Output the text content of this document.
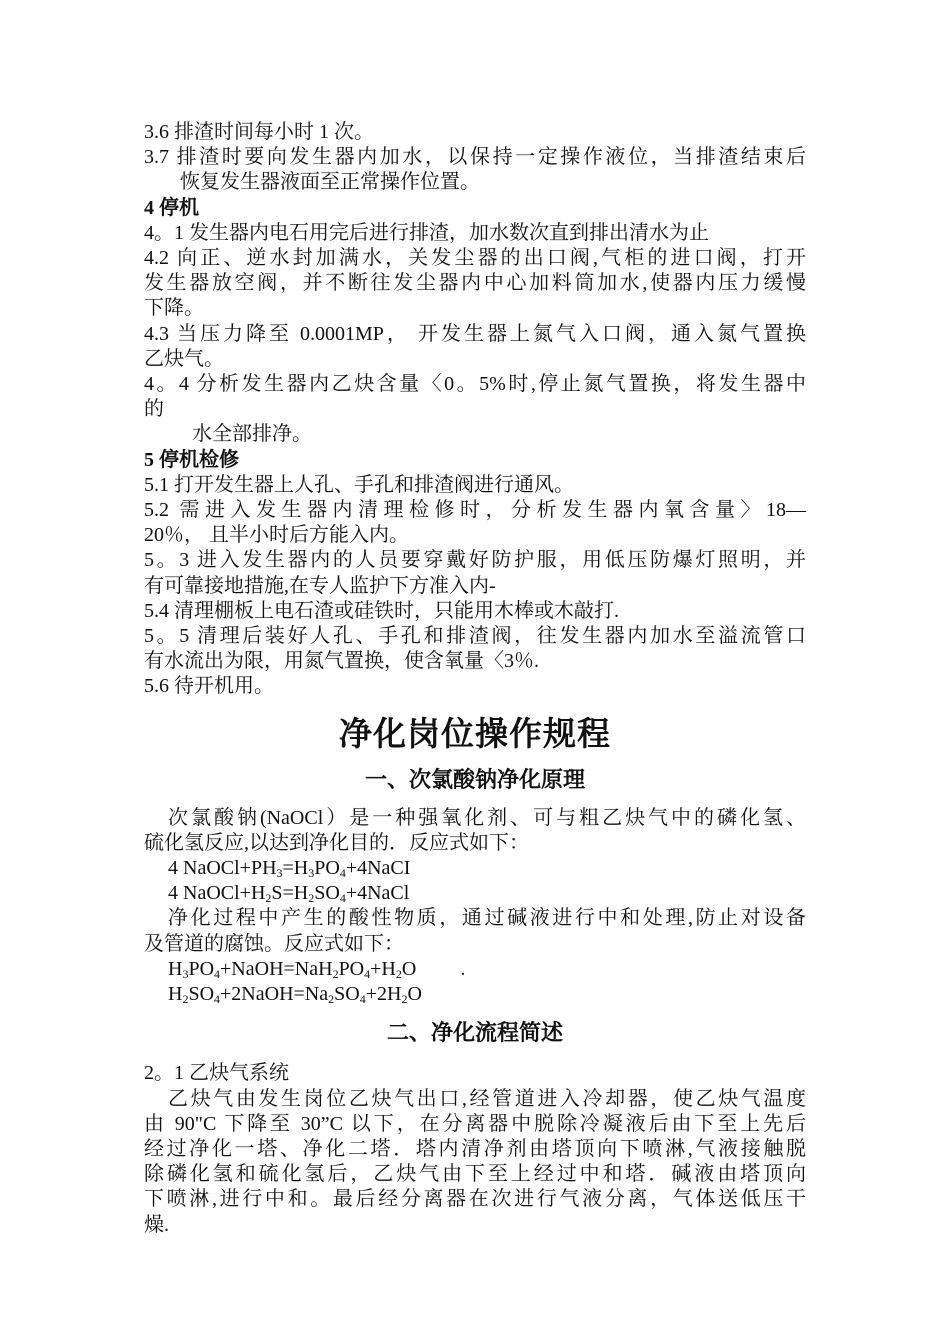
3.6 排渣时间每小时 1 次。
3.7 排渣时要向发生器内加水，以保持一定操作液位，当排渣结束后
恢复发生器液面至正常操作位置。
4 停机
4。1 发生器内电石用完后进行排渣，加水数次直到排出清水为止
4.2 向正、逆水封加满水，关发尘器的出口阀,气柜的进口阀，打开
发生器放空阀，并不断往发尘器内中心加料筒加水,使器内压力缓慢
下降。
4.3 当压力降至 0.0001MP， 开发生器上氮气入口阀，通入氮气置换
乙炔气。
4。4 分析发生器内乙炔含量〈0。5%时,停止氮气置换，将发生器中
的
水全部排净。
5 停机检修
5.1 打开发生器上人孔、手孔和排渣阀进行通风。
5.2 需进入发生器内清理检修时，分析发生器内氧含量〉18—
20％， 且半小时后方能入内。
5。3 进入发生器内的人员要穿戴好防护服，用低压防爆灯照明，并
有可靠接地措施,在专人监护下方准入内-
5.4 清理棚板上电石渣或硅铁时，只能用木棒或木敲打.
5。5 清理后装好人孔、手孔和排渣阀，往发生器内加水至溢流管口
有水流出为限，用氮气置换，使含氧量〈3％.
5.6 待开机用。
净化岗位操作规程
一、次氯酸钠净化原理
次氯酸钠(NaOCl）是一种强氧化剂、可与粗乙炔气中的磷化氢、
硫化氢反应,以达到净化目的．反应式如下：
4 $NaOCl+PH_3=H_3PO_4+4NaCI$
4 $NaOCl+H_2S=H_2SO_4+4NaCl$
净化过程中产生的酸性物质，通过碱液进行中和处理,防止对设备
及管道的腐蚀。反应式如下：
$H_3PO_4+NaOH=NaH_2PO_4+H_2O$ .
$H_2SO_4+2NaOH=Na_2SO_4+2H_2O$
二、净化流程简述
2。1 乙炔气系统
乙炔气由发生岗位乙炔气出口,经管道进入冷却器，使乙炔气温度
由 90"C 下降至 30”C 以下，在分离器中脱除冷凝液后由下至上先后
经过净化一塔、净化二塔．塔内清净剂由塔顶向下喷淋,气液接触脱
除磷化氢和硫化氢后，乙炔气由下至上经过中和塔．碱液由塔顶向
下喷淋,进行中和。最后经分离器在次进行气液分离，气体送低压干
燥.
